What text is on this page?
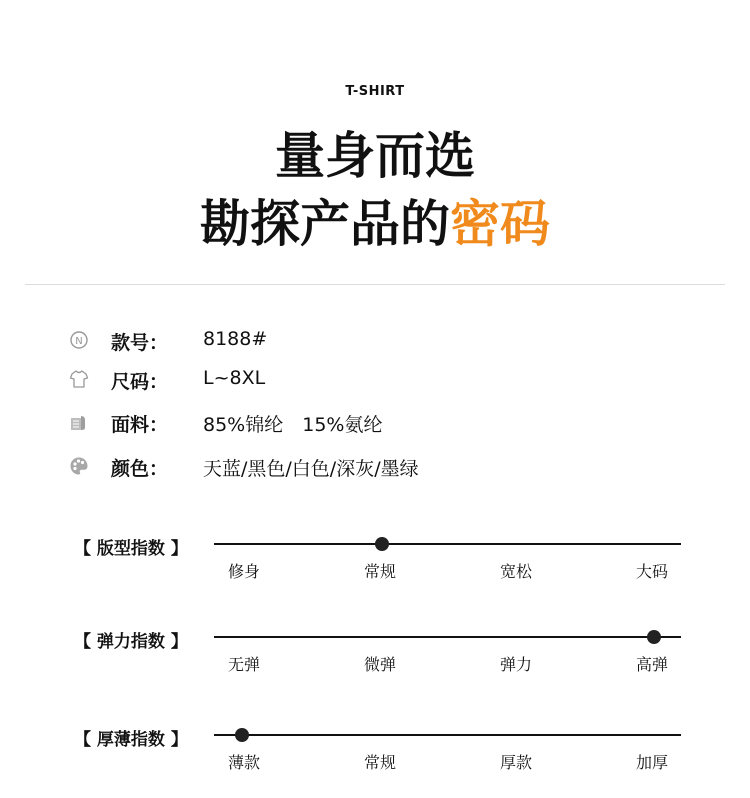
T-SHIRT
量身而选
勘探产品的密码
N 款号： 8188#
尺码： L~8XL
面料： 85%锦纶　15%氨纶
颜色： 天蓝/黑色/白色/深灰/墨绿
【 版型指数 】
修身	常规	宽松	大码
【 弹力指数 】
无弹	微弹	弹力	高弹
【 厚薄指数 】
薄款	常规	厚款	加厚
